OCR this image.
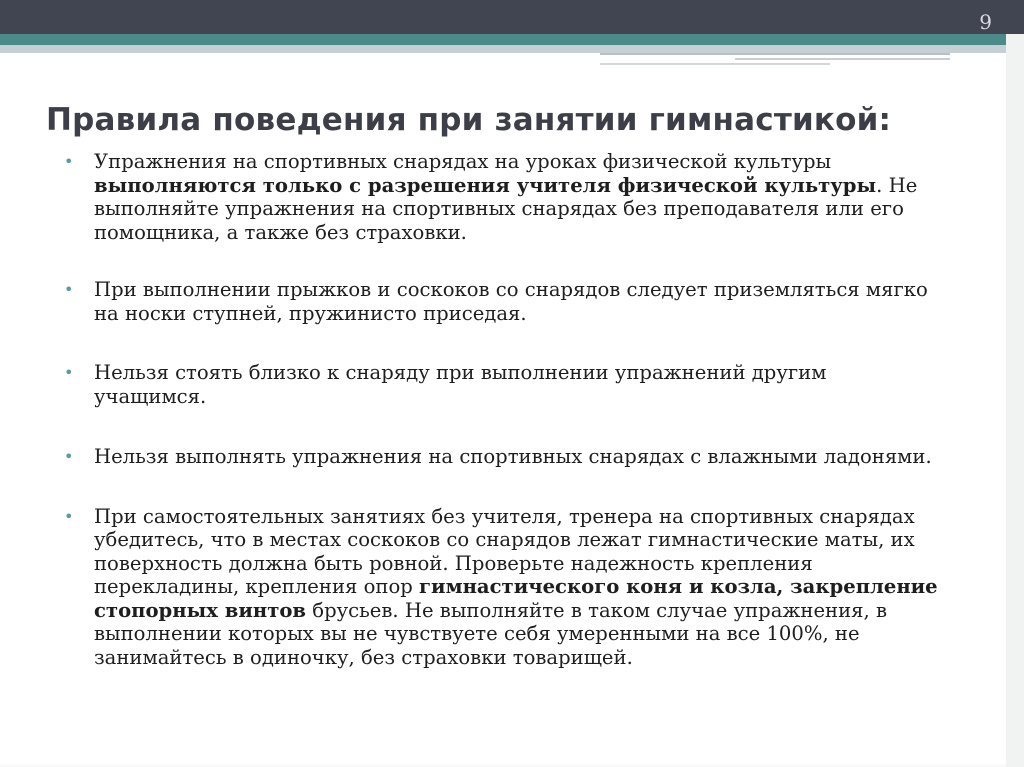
9
Правила поведения при занятии гимнастикой:
• Упражнения на спортивных снарядах на уроках физической культуры выполняются только с разрешения учителя физической культуры. Не выполняйте упражнения на спортивных снарядах без преподавателя или его помощника, а также без страховки.
• При выполнении прыжков и соскоков со снарядов следует приземляться мягко на носки ступней, пружинисто приседая.
• Нельзя стоять близко к снаряду при выполнении упражнений другим учащимся.
• Нельзя выполнять упражнения на спортивных снарядах с влажными ладонями.
• При самостоятельных занятиях без учителя, тренера на спортивных снарядах убедитесь, что в местах соскоков со снарядов лежат гимнастические маты, их поверхность должна быть ровной. Проверьте надежность крепления перекладины, крепления опор гимнастического коня и козла, закрепление стопорных винтов брусьев. Не выполняйте в таком случае упражнения, в выполнении которых вы не чувствуете себя умеренными на все 100%, не занимайтесь в одиночку, без страховки товарищей.
